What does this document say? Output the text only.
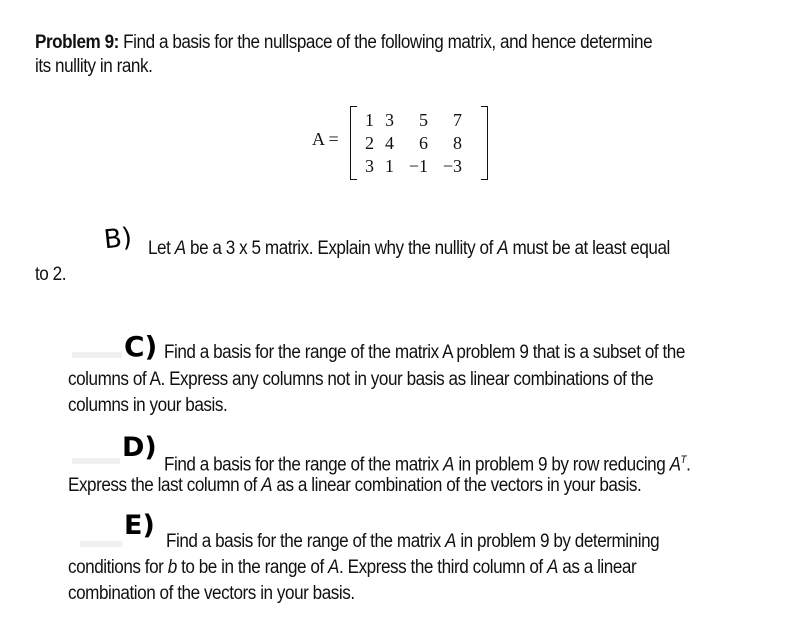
Problem 9: Find a basis for the nullspace of the following matrix, and hence determine
its nullity in rank.
A =
1 3	5	7
2 4	6	8
3 1 −1 −3
B) Let A be a 3 x 5 matrix. Explain why the nullity of A must be at least equal
to 2.
C) Find a basis for the range of the matrix A problem 9 that is a subset of the
columns of A. Express any columns not in your basis as linear combinations of the
columns in your basis.
D)
Find a basis for the range of the matrix A in problem 9 by row reducing $A^T$.
Express the last column of A as a linear combination of the vectors in your basis.
E)
Find a basis for the range of the matrix A in problem 9 by determining
conditions for b to be in the range of A. Express the third column of A as a linear
combination of the vectors in your basis.
